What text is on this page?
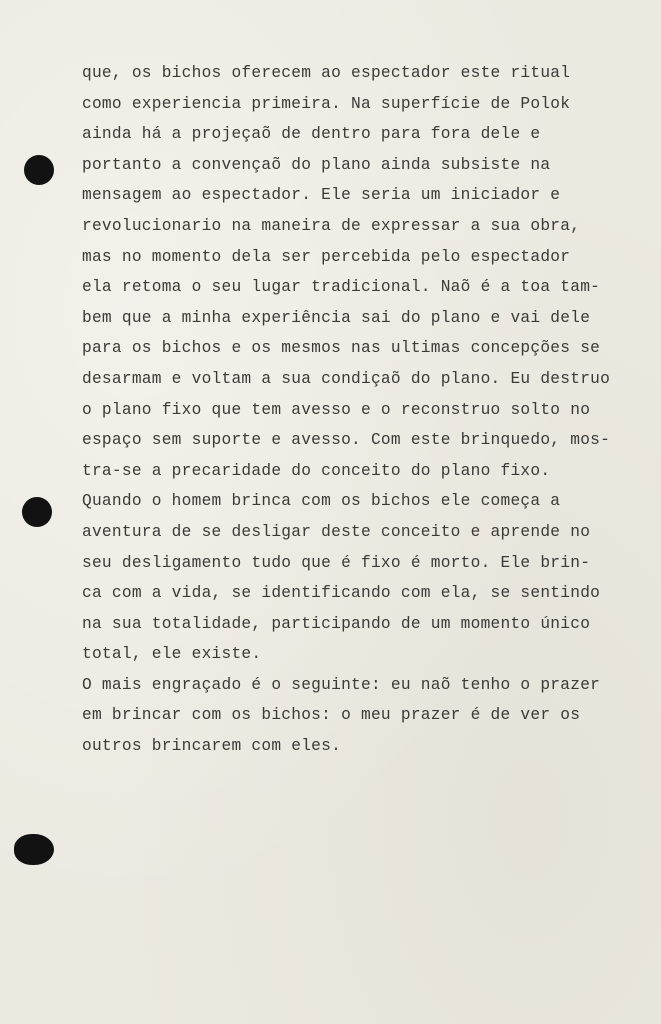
que, os bichos oferecem ao espectador este ritual
como experiencia primeira. Na superfície de Polok
ainda há a projeçaõ de dentro para fora dele e
portanto a convençaõ do plano ainda subsiste na
mensagem ao espectador. Ele seria um iniciador e
revolucionario na maneira de expressar a sua obra,
mas no momento dela ser percebida pelo espectador
ela retoma o seu lugar tradicional. Naõ é a toa tam-
bem que a minha experiência sai do plano e vai dele
para os bichos e os mesmos nas ultimas concepções se
desarmam e voltam a sua condiçaõ do plano. Eu destruo
o plano fixo que tem avesso e o reconstruo solto no
espaço sem suporte e avesso. Com este brinquedo, mos-
tra-se a precaridade do conceito do plano fixo.
Quando o homem brinca com os bichos ele começa a
aventura de se desligar deste conceito e aprende no
seu desligamento tudo que é fixo é morto. Ele brin-
ca com a vida, se identificando com ela, se sentindo
na sua totalidade, participando de um momento único
total, ele existe.
O mais engraçado é o seguinte: eu naõ tenho o prazer
em brincar com os bichos: o meu prazer é de ver os
outros brincarem com eles.
